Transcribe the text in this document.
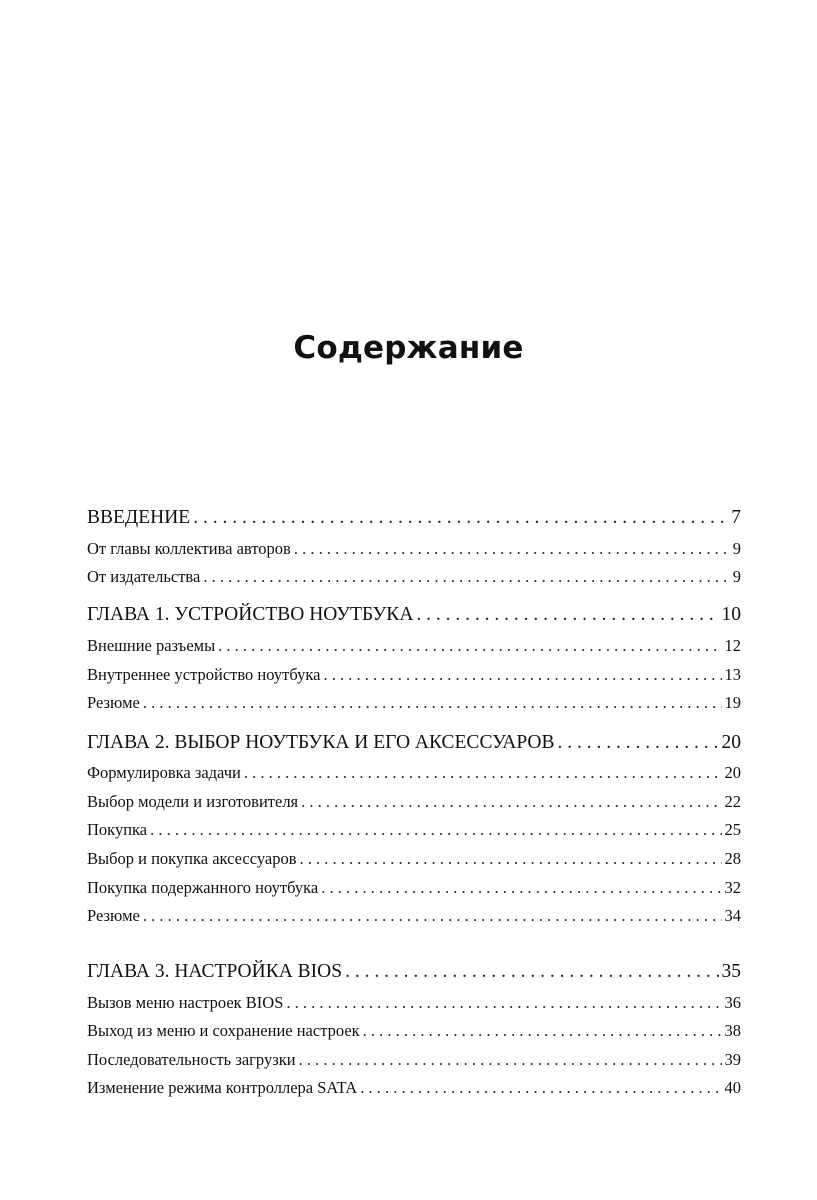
Содержание
ВВЕДЕНИЕ . . .	7
От главы коллектива авторов . . .	9
От издательства . . .	9
ГЛАВА 1. УСТРОЙСТВО НОУТБУКА . . .	10
Внешние разъемы . . .	12
Внутреннее устройство ноутбука . . .	13
Резюме . . .	19
ГЛАВА 2. ВЫБОР НОУТБУКА И ЕГО АКСЕССУАРОВ . . .	20
Формулировка задачи . . .	20
Выбор модели и изготовителя . . .	22
Покупка . . .	25
Выбор и покупка аксессуаров . . .	28
Покупка подержанного ноутбука . . .	32
Резюме . . .	34
ГЛАВА 3. НАСТРОЙКА BIOS . . .	35
Вызов меню настроек BIOS . . .	36
Выход из меню и сохранение настроек . . .	38
Последовательность загрузки . . .	39
Изменение режима контроллера SATA . . .	40
